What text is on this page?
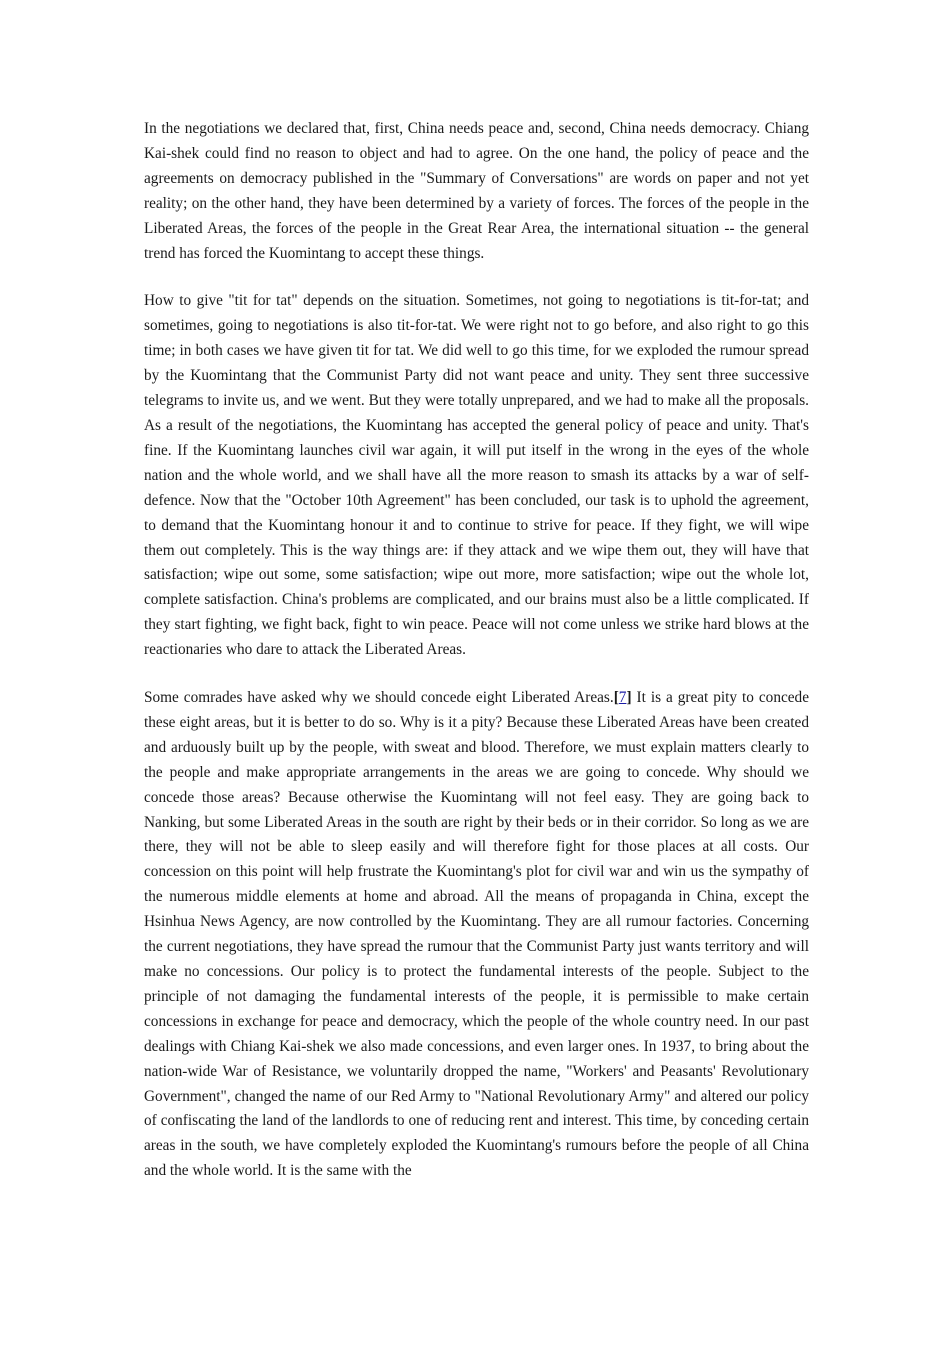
In the negotiations we declared that, first, China needs peace and, second, China needs democracy. Chiang Kai-shek could find no reason to object and had to agree. On the one hand, the policy of peace and the agreements on democracy published in the "Summary of Conversations" are words on paper and not yet reality; on the other hand, they have been determined by a variety of forces. The forces of the people in the Liberated Areas, the forces of the people in the Great Rear Area, the international situation -- the general trend has forced the Kuomintang to accept these things.

How to give "tit for tat" depends on the situation. Sometimes, not going to negotiations is tit-for-tat; and sometimes, going to negotiations is also tit-for-tat. We were right not to go before, and also right to go this time; in both cases we have given tit for tat. We did well to go this time, for we exploded the rumour spread by the Kuomintang that the Communist Party did not want peace and unity. They sent three successive telegrams to invite us, and we went. But they were totally unprepared, and we had to make all the proposals. As a result of the negotiations, the Kuomintang has accepted the general policy of peace and unity. That's fine. If the Kuomintang launches civil war again, it will put itself in the wrong in the eyes of the whole nation and the whole world, and we shall have all the more reason to smash its attacks by a war of self-defence. Now that the "October 10th Agreement" has been concluded, our task is to uphold the agreement, to demand that the Kuomintang honour it and to continue to strive for peace. If they fight, we will wipe them out completely. This is the way things are: if they attack and we wipe them out, they will have that satisfaction; wipe out some, some satisfaction; wipe out more, more satisfaction; wipe out the whole lot, complete satisfaction. China's problems are complicated, and our brains must also be a little complicated. If they start fighting, we fight back, fight to win peace. Peace will not come unless we strike hard blows at the reactionaries who dare to attack the Liberated Areas.

Some comrades have asked why we should concede eight Liberated Areas.[7] It is a great pity to concede these eight areas, but it is better to do so. Why is it a pity? Because these Liberated Areas have been created and arduously built up by the people, with sweat and blood. Therefore, we must explain matters clearly to the people and make appropriate arrangements in the areas we are going to concede. Why should we concede those areas? Because otherwise the Kuomintang will not feel easy. They are going back to Nanking, but some Liberated Areas in the south are right by their beds or in their corridor. So long as we are there, they will not be able to sleep easily and will therefore fight for those places at all costs. Our concession on this point will help frustrate the Kuomintang's plot for civil war and win us the sympathy of the numerous middle elements at home and abroad. All the means of propaganda in China, except the Hsinhua News Agency, are now controlled by the Kuomintang. They are all rumour factories. Concerning the current negotiations, they have spread the rumour that the Communist Party just wants territory and will make no concessions. Our policy is to protect the fundamental interests of the people. Subject to the principle of not damaging the fundamental interests of the people, it is permissible to make certain concessions in exchange for peace and democracy, which the people of the whole country need. In our past dealings with Chiang Kai-shek we also made concessions, and even larger ones. In 1937, to bring about the nation-wide War of Resistance, we voluntarily dropped the name, "Workers' and Peasants' Revolutionary Government", changed the name of our Red Army to "National Revolutionary Army" and altered our policy of confiscating the land of the landlords to one of reducing rent and interest. This time, by conceding certain areas in the south, we have completely exploded the Kuomintang's rumours before the people of all China and the whole world. It is the same with the
